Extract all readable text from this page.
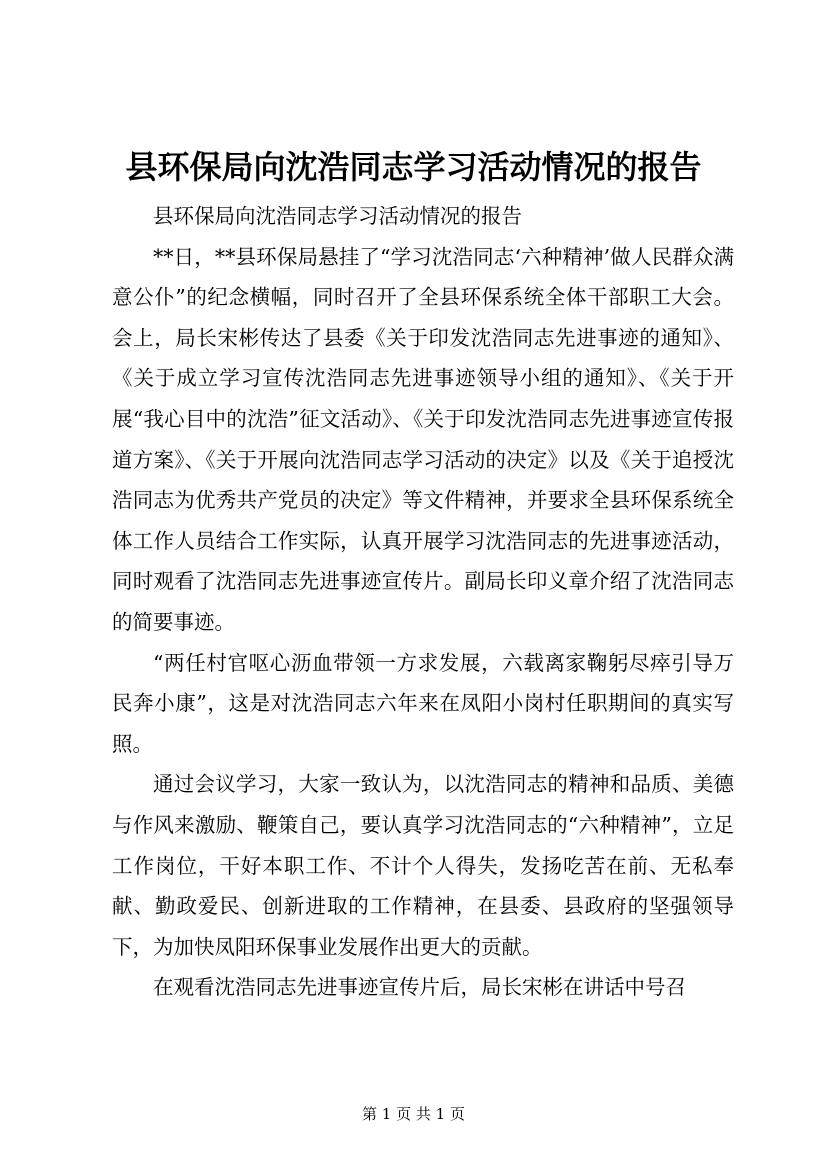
县环保局向沈浩同志学习活动情况的报告

县环保局向沈浩同志学习活动情况的报告

**日，**县环保局悬挂了“学习沈浩同志‘六种精神’做人民群众满意公仆”的纪念横幅，同时召开了全县环保系统全体干部职工大会。会上，局长宋彬传达了县委《关于印发沈浩同志先进事迹的通知》、《关于成立学习宣传沈浩同志先进事迹领导小组的通知》、《关于开展“我心目中的沈浩”征文活动》、《关于印发沈浩同志先进事迹宣传报道方案》、《关于开展向沈浩同志学习活动的决定》以及《关于追授沈浩同志为优秀共产党员的决定》等文件精神，并要求全县环保系统全体工作人员结合工作实际，认真开展学习沈浩同志的先进事迹活动，同时观看了沈浩同志先进事迹宣传片。副局长印义章介绍了沈浩同志的简要事迹。

“两任村官呕心沥血带领一方求发展，六载离家鞠躬尽瘁引导万民奔小康”，这是对沈浩同志六年来在凤阳小岗村任职期间的真实写照。

通过会议学习，大家一致认为，以沈浩同志的精神和品质、美德与作风来激励、鞭策自己，要认真学习沈浩同志的“六种精神”，立足工作岗位，干好本职工作、不计个人得失，发扬吃苦在前、无私奉献、勤政爱民、创新进取的工作精神，在县委、县政府的坚强领导下，为加快凤阳环保事业发展作出更大的贡献。

在观看沈浩同志先进事迹宣传片后，局长宋彬在讲话中号召

第 1 页 共 1 页
